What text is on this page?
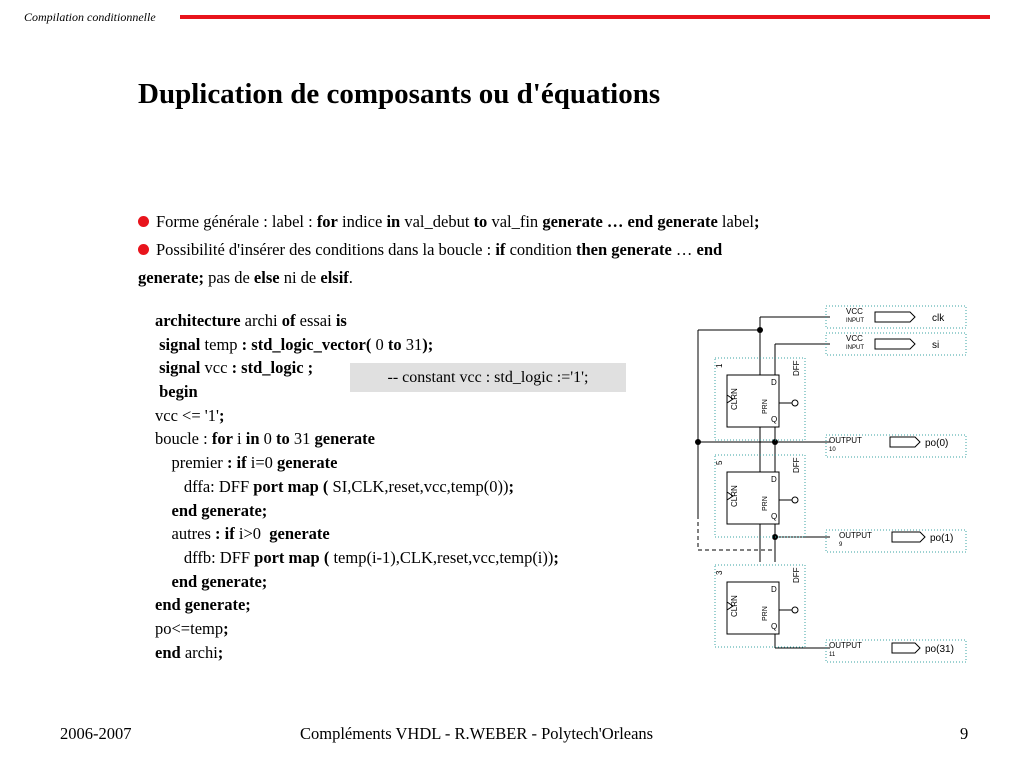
Compilation conditionnelle
Duplication de composants ou d'équations
Forme générale : label : for indice in val_debut to val_fin generate … end generate label;
Possibilité d'insérer des conditions dans la boucle : if condition then generate … end
generate; pas de else ni de elsif.
architecture archi of essai is
signal temp : std_logic_vector( 0 to 31);
signal vcc : std_logic ;
begin
vcc <= '1';
boucle : for i in 0 to 31 generate
premier : if i=0 generate
dffa: DFF port map ( SI,CLK,reset,vcc,temp(0));
end generate;
autres : if i>0  generate
dffb: DFF port map ( temp(i-1),CLK,reset,vcc,temp(i));
end generate;
end generate;
po<=temp;
end archi;
-- constant vcc : std_logic :='1';
VCC
INPUT	clk
VCC
INPUT	si
CLRN	PRN
D
Q
DFF
1
CLRN	PRN
D
Q
DFF
5
CLRN	PRN
D
Q
DFF
3
OUTPUT
10
po(0)
OUTPUT
9
po(1)
OUTPUT
11	po(31)
2006-2007	Compléments VHDL - R.WEBER - Polytech'Orleans	9
